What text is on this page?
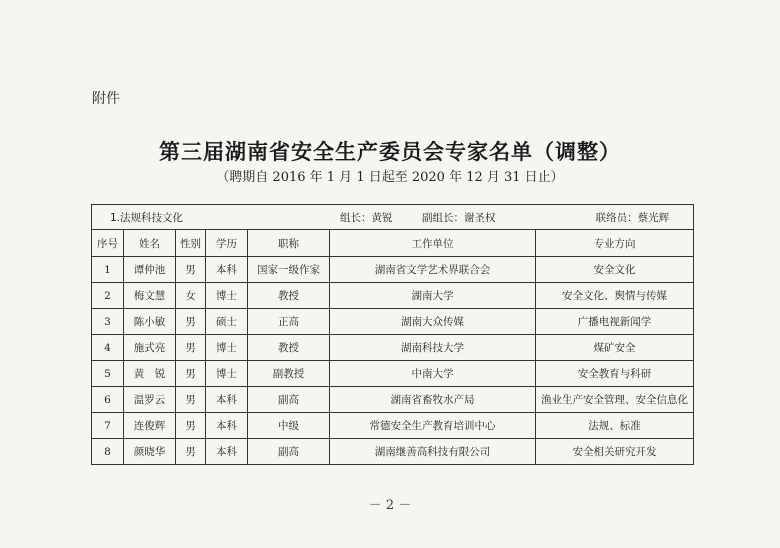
附件
第三届湖南省安全生产委员会专家名单（调整）
（聘期自 2016 年 1 月 1 日起至 2020 年 12 月 31 日止）
1.法规科技文化 组长：黄锐 副组长：谢圣权 联络员：蔡光辉						

序号	姓名	性别	学历	职称	工作单位	专业方向
1	谭仲池	男	本科	国家一级作家	湖南省文学艺术界联合会	安全文化
2	梅文慧	女	博士	教授	湖南大学	安全文化、舆情与传媒
3	陈小敏	男	硕士	正高	湖南大众传媒	广播电视新闻学
4	施式亮	男	博士	教授	湖南科技大学	煤矿安全
5	黄　锐	男	博士	副教授	中南大学	安全教育与科研
6	温罗云	男	本科	副高	湖南省畜牧水产局	渔业生产安全管理、安全信息化
7	连俊辉	男	本科	中级	常德安全生产教育培训中心	法规、标准
8	颜晓华	男	本科	副高	湖南继善高科技有限公司	安全相关研究开发
－ 2 －
